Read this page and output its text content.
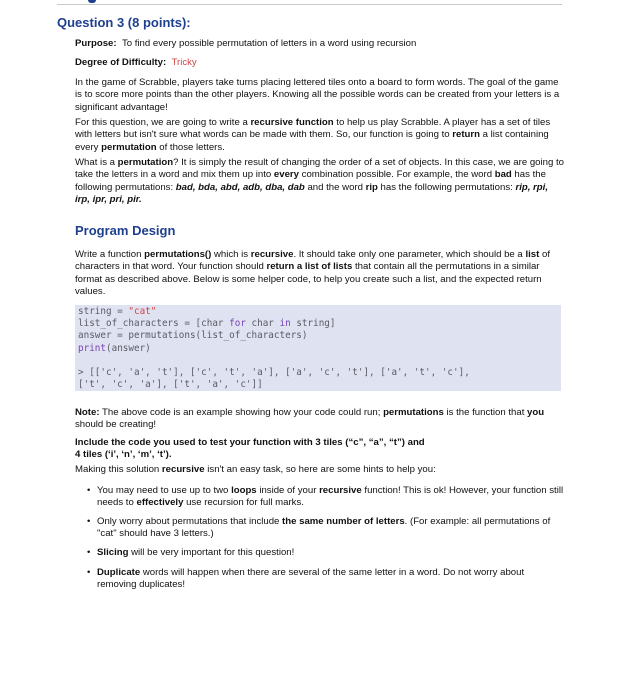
Question 3 (8 points):

Purpose: To find every possible permutation of letters in a word using recursion

Degree of Difficulty: Tricky

In the game of Scrabble, players take turns placing lettered tiles onto a board to form words. The goal of the game is to score more points than the other players. Knowing all the possible words can be created from your letters is a significant advantage!

For this question, we are going to write a recursive function to help us play Scrabble. A player has a set of tiles with letters but isn't sure what words can be made with them. So, our function is going to return a list containing every permutation of those letters.

What is a permutation? It is simply the result of changing the order of a set of objects. In this case, we are going to take the letters in a word and mix them up into every combination possible. For example, the word bad has the following permutations: bad, bda, abd, adb, dba, dab and the word rip has the following permutations: rip, rpi, irp, ipr, pri, pir.

Program Design

Write a function permutations() which is recursive. It should take only one parameter, which should be a list of characters in that word. Your function should return a list of lists that contain all the permutations in a similar format as described above. Below is some helper code, to help you create such a list, and the expected return values.

string = "cat"
list_of_characters = [char for char in string]
answer = permutations(list_of_characters)
print(answer)
> [['c', 'a', 't'], ['c', 't', 'a'], ['a', 'c', 't'], ['a', 't', 'c'],
['t', 'c', 'a'], ['t', 'a', 'c']]

Note: The above code is an example showing how your code could run; permutations is the function that you should be creating!

Include the code you used to test your function with 3 tiles (“c”, “a”, “t”) and

4 tiles (‘i’, ‘n’, ‘m’, ‘t’).

Making this solution recursive isn't an easy task, so here are some hints to help you:

• You may need to use up to two loops inside of your recursive function! This is ok! However, your function still needs to effectively use recursion for full marks.
• Only worry about permutations that include the same number of letters. (For example: all permutations of "cat" should have 3 letters.)
• Slicing will be very important for this question!
• Duplicate words will happen when there are several of the same letter in a word. Do not worry about removing duplicates!
